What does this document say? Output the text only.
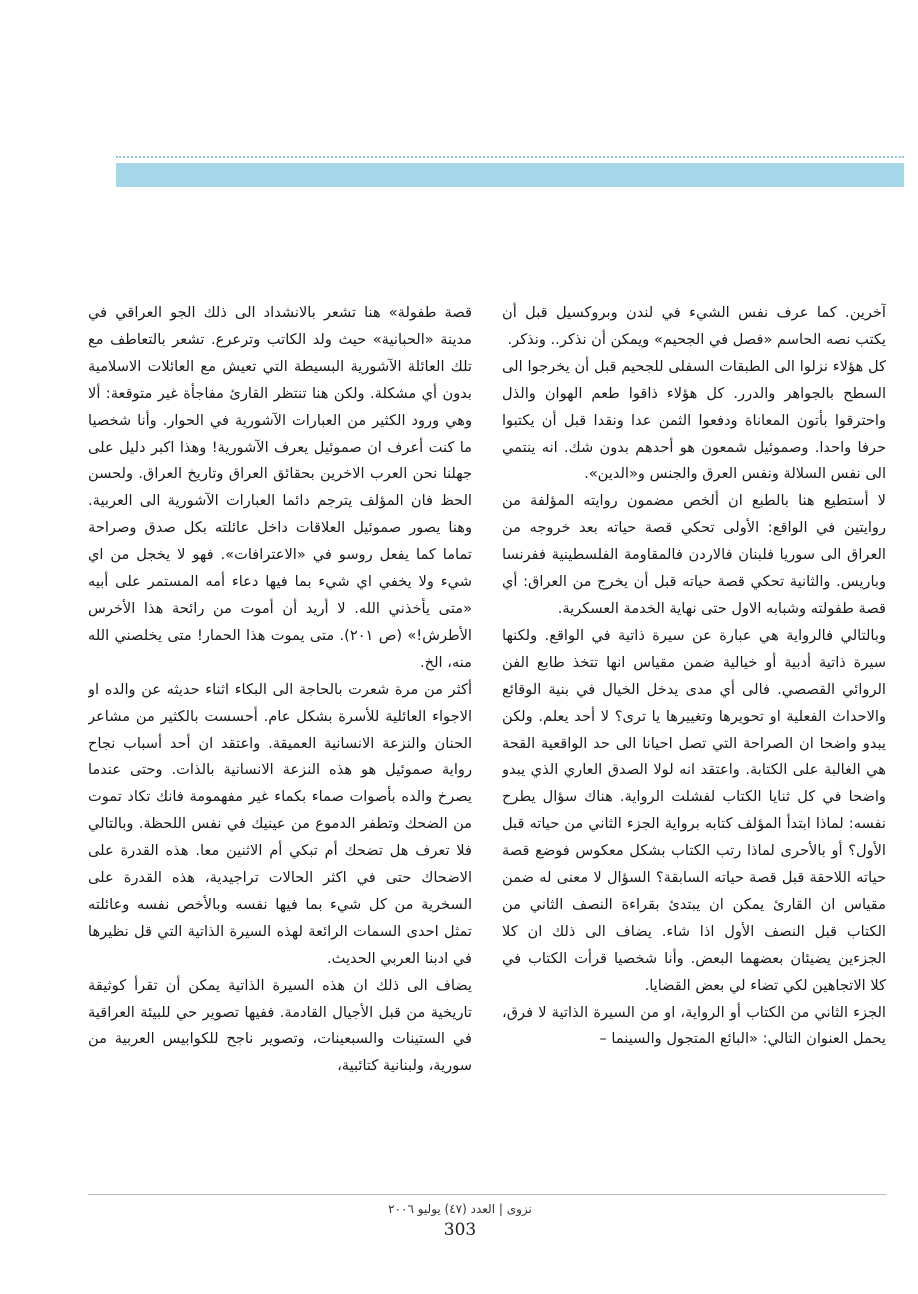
آخرين. كما عرف نفس الشيء في لندن وبروكسيل قبل أن يكتب نصه الحاسم «فصل في الجحيم» ويمكن أن نذكر.. ونذكر.

كل هؤلاء نزلوا الى الطبقات السفلى للجحيم قبل أن يخرجوا الى السطح بالجواهر والدرر. كل هؤلاء ذاقوا طعم الهوان والذل واحترقوا بأتون المعاناة ودفعوا الثمن عدا ونقدا قبل أن يكتبوا حرفا واحدا. وصموئيل شمعون هو أحدهم بدون شك. انه ينتمي الى نفس السلالة ونفس العرق والجنس و«الدين».

لا أستطيع هنا بالطبع ان ألخص مضمون روايته المؤلفة من روايتين في الواقع: الأولى تحكي قصة حياته بعد خروجه من العراق الى سوريا فلبنان فالاردن فالمقاومة الفلسطينية ففرنسا وباريس. والثانية تحكي قصة حياته قبل أن يخرج من العراق: أي قصة طفولته وشبابه الاول حتى نهاية الخدمة العسكرية.

وبالتالي فالرواية هي عبارة عن سيرة ذاتية في الواقع. ولكنها سيرة ذاتية أدبية أو خيالية ضمن مقياس انها تتخذ طابع الفن الروائي القصصي. فالى أي مدى يدخل الخيال في بنية الوقائع والاحداث الفعلية او تحويرها وتغييرها يا ترى؟ لا أحد يعلم. ولكن يبدو واضحا ان الصراحة التي تصل احيانا الى حد الواقعية القحة هي الغالبة على الكتابة. واعتقد انه لولا الصدق العاري الذي يبدو واضحا في كل ثنايا الكتاب لفشلت الرواية. هناك سؤال يطرح نفسه: لماذا ابتدأ المؤلف كتابه برواية الجزء الثاني من حياته قبل الأول؟ أو بالأحرى لماذا رتب الكتاب بشكل معكوس فوضع قصة حياته اللاحقة قبل قصة حياته السابقة؟ السؤال لا معنى له ضمن مقياس ان القارئ يمكن ان يبتدئ بقراءة النصف الثاني من الكتاب قبل النصف الأول اذا شاء. يضاف الى ذلك ان كلا الجزءين يضيئان بعضهما البعض. وأنا شخصيا قرأت الكتاب في كلا الاتجاهين لكي تضاء لي بعض القضايا.

الجزء الثاني من الكتاب أو الرواية، او من السيرة الذاتية لا فرق، يحمل العنوان التالي: «البائع المتجول والسينما –

قصة طفولة» هنا تشعر بالانشداد الى ذلك الجو العراقي في مدينة «الحبانية» حيث ولد الكاتب وترعرع. تشعر بالتعاطف مع تلك العائلة الآشورية البسيطة التي تعيش مع العائلات الاسلامية بدون أي مشكلة. ولكن هنا تنتظر القارئ مفاجأة غير متوقعة: ألا وهي ورود الكثير من العبارات الآشورية في الحوار. وأنا شخصيا ما كنت أعرف ان صموئيل يعرف الآشورية! وهذا اكبر دليل على جهلنا نحن العرب الاخرين بحقائق العراق وتاريخ العراق. ولحسن الحظ فان المؤلف يترجم دائما العبارات الآشورية الى العربية. وهنا يصور صموئيل العلاقات داخل عائلته بكل صدق وصراحة تماما كما يفعل روسو في «الاعترافات». فهو لا يخجل من اي شيء ولا يخفي اي شيء بما فيها دعاء أمه المستمر على أبيه «متى يأخذني الله. لا أريد أن أموت من رائحة هذا الأخرس الأطرش!» (ص ٢٠١). متى يموت هذا الحمار! متى يخلصني الله منه، الخ.

أكثر من مرة شعرت بالحاجة الى البكاء اثناء حديثه عن والده او الاجواء العائلية للأسرة بشكل عام. أحسست بالكثير من مشاعر الحنان والنزعة الانسانية العميقة. واعتقد ان أحد أسباب نجاح رواية صموئيل هو هذه النزعة الانسانية بالذات. وحتى عندما يصرخ والده بأصوات صماء بكماء غير مفهمومة فانك تكاد تموت من الضحك وتطفر الدموع من عينيك في نفس اللحظة. وبالتالي فلا تعرف هل تضحك أم تبكي أم الاثنين معا. هذه القدرة على الاضحاك حتى في اكثر الحالات تراجيدية، هذه القدرة على السخرية من كل شيء بما فيها نفسه وبالأخص نفسه وعائلته تمثل احدى السمات الرائعة لهذه السيرة الذاتية التي قل نظيرها في ادبنا العربي الحديث.

يضاف الى ذلك ان هذه السيرة الذاتية يمكن أن تقرأ كوثيقة تاريخية من قبل الأجيال القادمة. ففيها تصوير حي للبيئة العراقية في الستينات والسبعينات، وتصوير ناجح للكوابيس العربية من سورية، ولبنانية كتائبية،

نزوى | العدد (٤٧) يوليو ٢٠٠٦
303
